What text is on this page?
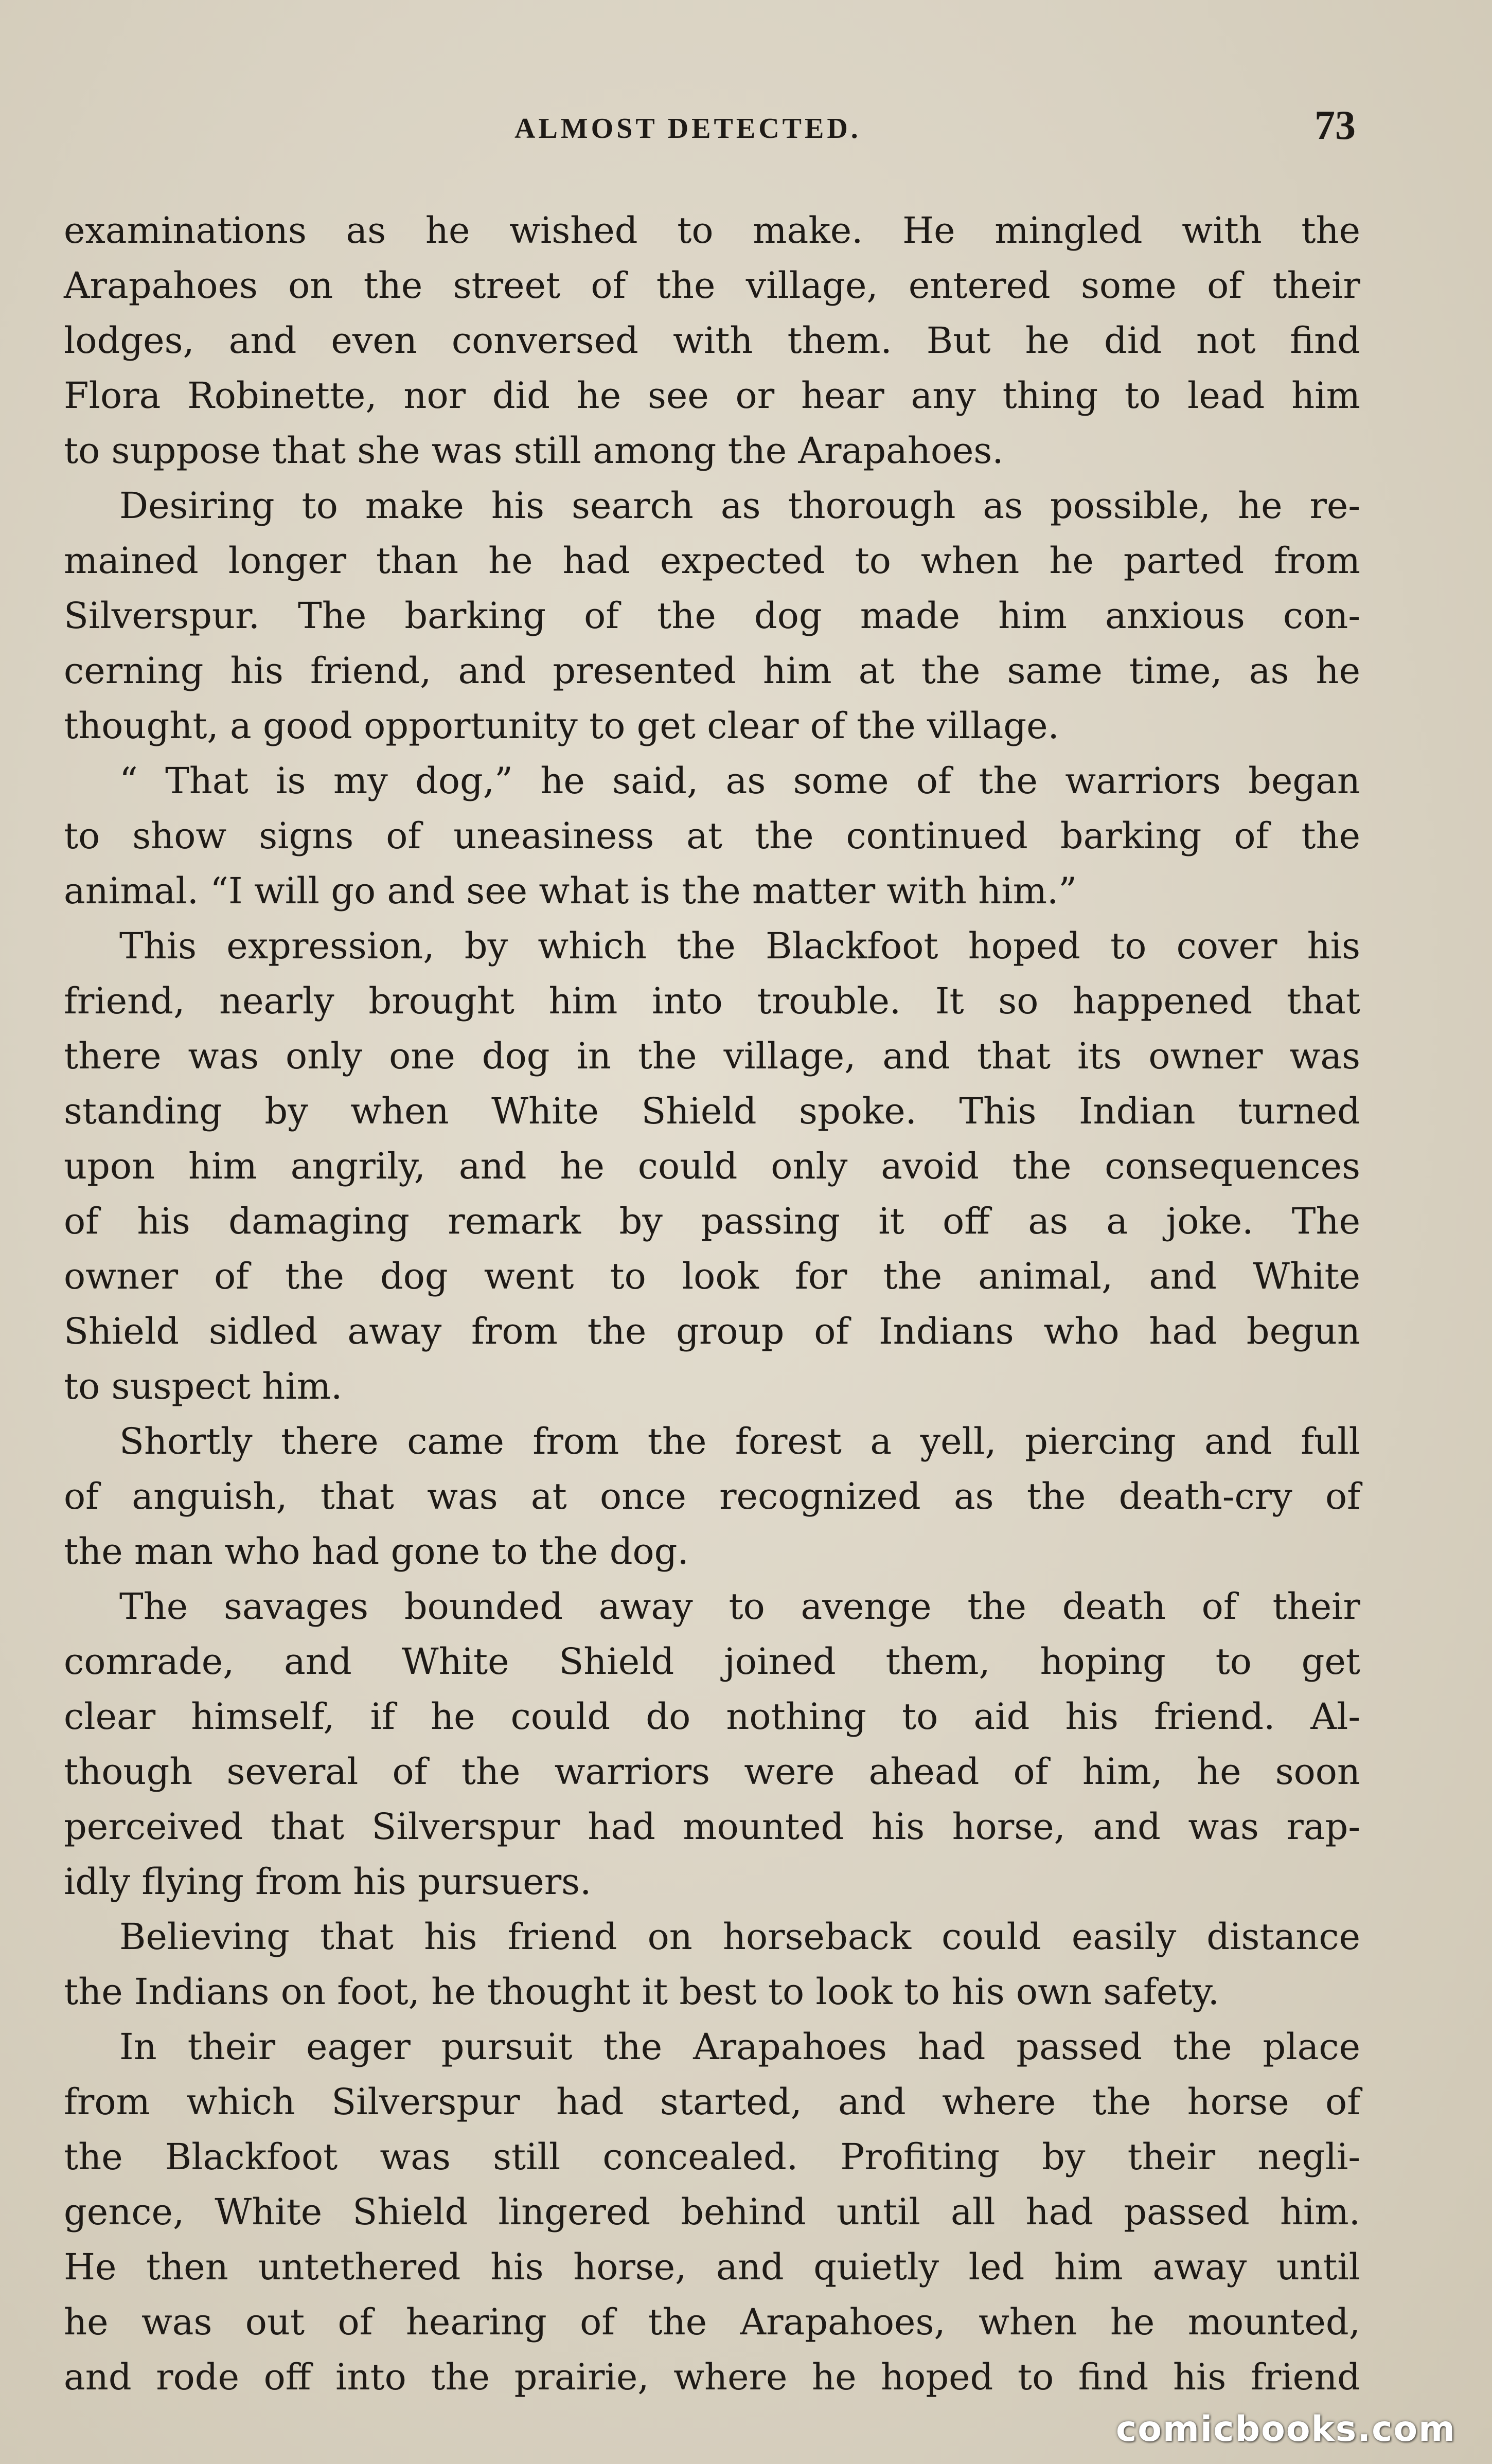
ALMOST DETECTED.	73
examinations as he wished to make. He mingled with the
Arapahoes on the street of the village, entered some of their
lodges, and even conversed with them. But he did not find
Flora Robinette, nor did he see or hear any thing to lead him
to suppose that she was still among the Arapahoes.
Desiring to make his search as thorough as possible, he re-
mained longer than he had expected to when he parted from
Silverspur. The barking of the dog made him anxious con-
cerning his friend, and presented him at the same time, as he
thought, a good opportunity to get clear of the village.
“ That is my dog,” he said, as some of the warriors began
to show signs of uneasiness at the continued barking of the
animal. “I will go and see what is the matter with him.”
This expression, by which the Blackfoot hoped to cover his
friend, nearly brought him into trouble. It so happened that
there was only one dog in the village, and that its owner was
standing by when White Shield spoke. This Indian turned
upon him angrily, and he could only avoid the consequences
of his damaging remark by passing it off as a joke. The
owner of the dog went to look for the animal, and White
Shield sidled away from the group of Indians who had begun
to suspect him.
Shortly there came from the forest a yell, piercing and full
of anguish, that was at once recognized as the death-cry of
the man who had gone to the dog.
The savages bounded away to avenge the death of their
comrade, and White Shield joined them, hoping to get
clear himself, if he could do nothing to aid his friend. Al-
though several of the warriors were ahead of him, he soon
perceived that Silverspur had mounted his horse, and was rap-
idly flying from his pursuers.
Believing that his friend on horseback could easily distance
the Indians on foot, he thought it best to look to his own safety.
In their eager pursuit the Arapahoes had passed the place
from which Silverspur had started, and where the horse of
the Blackfoot was still concealed. Profiting by their negli-
gence, White Shield lingered behind until all had passed him.
He then untethered his horse, and quietly led him away until
he was out of hearing of the Arapahoes, when he mounted,
and rode off into the prairie, where he hoped to find his friend
comicbooks.com
